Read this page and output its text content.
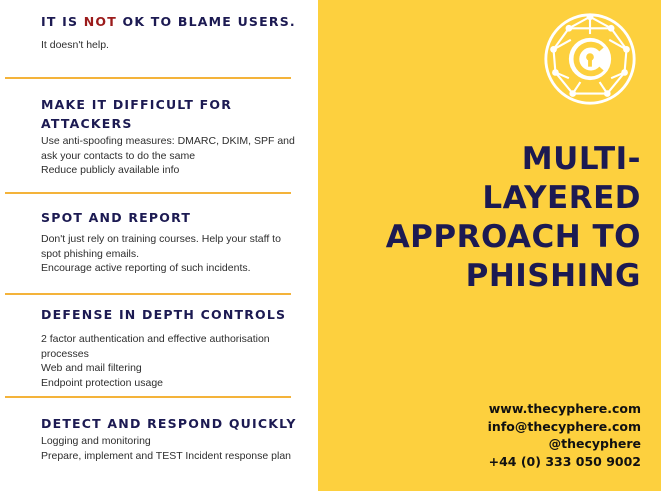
IT IS NOT OK TO BLAME USERS.

It doesn't help.

MAKE IT DIFFICULT FOR ATTACKERS

Use anti-spoofing measures: DMARC, DKIM, SPF and ask your contacts to do the same

Reduce publicly available info

SPOT AND REPORT

Don't just rely on training courses. Help your staff to spot phishing emails.

Encourage active reporting of such incidents.

DEFENSE IN DEPTH CONTROLS

2 factor authentication and effective authorisation processes

Web and mail filtering

Endpoint protection usage

DETECT AND RESPOND QUICKLY

Logging and monitoring

Prepare, implement and TEST Incident response plan

MULTI-
LAYERED
APPROACH TO
PHISHING
www.thecyphere.com
info@thecyphere.com
@thecyphere
+44 (0) 333 050 9002
